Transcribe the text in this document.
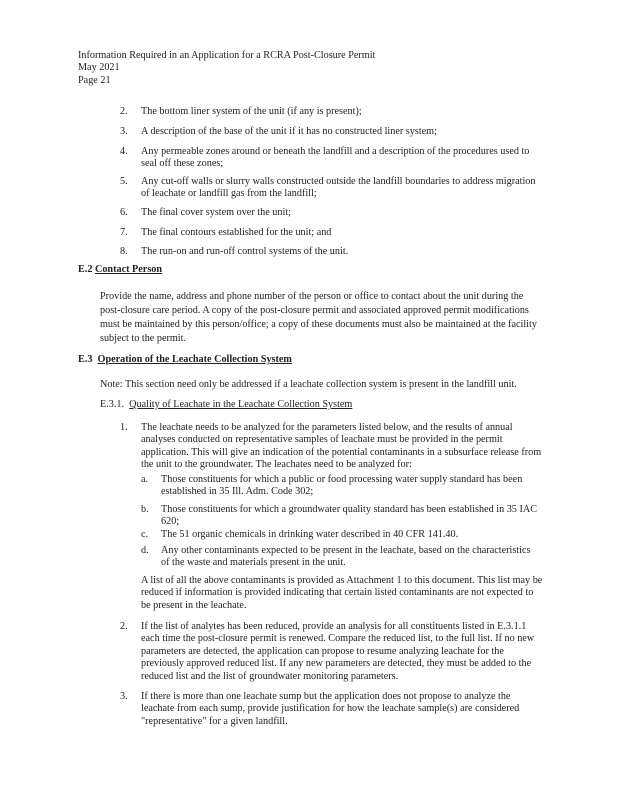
Information Required in an Application for a RCRA Post-Closure Permit
May 2021
Page 21
2. The bottom liner system of the unit (if any is present);
3. A description of the base of the unit if it has no constructed liner system;
4. Any permeable zones around or beneath the landfill and a description of the procedures used to seal off these zones;
5. Any cut-off walls or slurry walls constructed outside the landfill boundaries to address migration of leachate or landfill gas from the landfill;
6. The final cover system over the unit;
7. The final contours established for the unit; and
8. The run-on and run-off control systems of the unit.
E.2 Contact Person
Provide the name, address and phone number of the person or office to contact about the unit during the post-closure care period. A copy of the post-closure permit and associated approved permit modifications must be maintained by this person/office; a copy of these documents must also be maintained at the facility subject to the permit.
E.3 Operation of the Leachate Collection System
Note: This section need only be addressed if a leachate collection system is present in the landfill unit.
E.3.1. Quality of Leachate in the Leachate Collection System
1. The leachate needs to be analyzed for the parameters listed below, and the results of annual analyses conducted on representative samples of leachate must be provided in the permit application. This will give an indication of the potential contaminants in a subsurface release from the unit to the groundwater. The leachates need to be analyzed for:
a. Those constituents for which a public or food processing water supply standard has been established in 35 Ill. Adm. Code 302;
b. Those constituents for which a groundwater quality standard has been established in 35 IAC 620;
c. The 51 organic chemicals in drinking water described in 40 CFR 141.40.
d. Any other contaminants expected to be present in the leachate, based on the characteristics of the waste and materials present in the unit.
A list of all the above contaminants is provided as Attachment 1 to this document. This list may be reduced if information is provided indicating that certain listed contaminants are not expected to be present in the leachate.
2. If the list of analytes has been reduced, provide an analysis for all constituents listed in E.3.1.1 each time the post-closure permit is renewed. Compare the reduced list, to the full list. If no new parameters are detected, the application can propose to resume analyzing leachate for the previously approved reduced list. If any new parameters are detected, they must be added to the reduced list and the list of groundwater monitoring parameters.
3. If there is more than one leachate sump but the application does not propose to analyze the leachate from each sump, provide justification for how the leachate sample(s) are considered "representative" for a given landfill.
